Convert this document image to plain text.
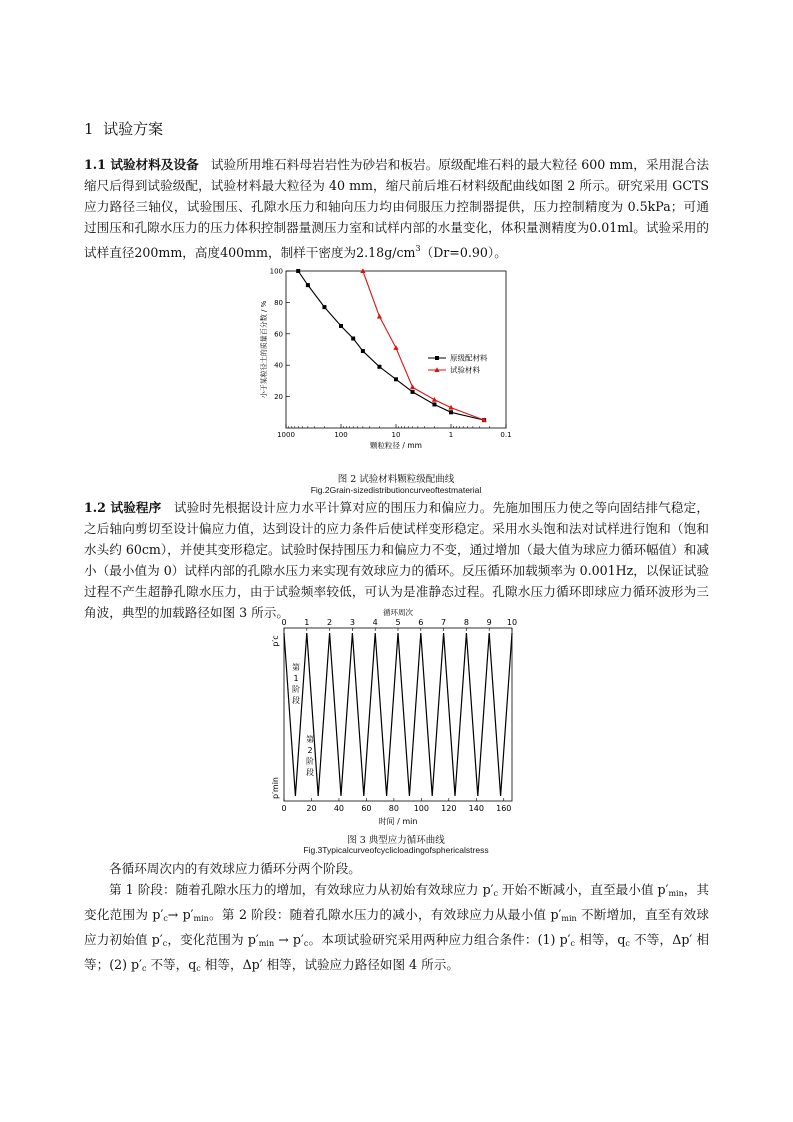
1 试验方案
1.1 试验材料及设备 试验所用堆石料母岩岩性为砂岩和板岩。原级配堆石料的最大粒径 600 mm，采用混合法缩尺后得到试验级配，试验材料最大粒径为 40 mm，缩尺前后堆石材料级配曲线如图 2 所示。研究采用 GCTS 应力路径三轴仪，试验围压、孔隙水压力和轴向压力均由伺服压力控制器提供，压力控制精度为 0.5kPa；可通过围压和孔隙水压力的压力体积控制器量测压力室和试样内部的水量变化，体积量测精度为0.01ml。试验采用的试样直径200mm，高度400mm，制样干密度为$2.18g/cm^3(Dr=0.90)$。
20
40
60
80
100
1000	100	10	1	0.1
颗粒粒径 / mm
小于某粒径土的质量百分数 / %	原级配材料
试验材料
图 2 试验材料颗粒级配曲线
Fig.2Grain-sizedistributioncurveoftestmaterial
1.2 试验程序 试验时先根据设计应力水平计算对应的围压力和偏应力。先施加围压力使之等向固结排气稳定，之后轴向剪切至设计偏应力值，达到设计的应力条件后使试样变形稳定。采用水头饱和法对试样进行饱和（饱和水头约 60cm），并使其变形稳定。试验时保持围压力和偏应力不变，通过增加（最大值为球应力循环幅值）和减小（最小值为 0）试样内部的孔隙水压力来实现有效球应力的循环。反压循环加载频率为 0.001Hz，以保证试验过程不产生超静孔隙水压力，由于试验频率较低，可认为是准静态过程。孔隙水压力循环即球应力循环波形为三角波，典型的加载路径如图 3 所示。	循环周次
0 1 2 3 4 5 6 7 8 9 10
0 20 40 60 80 100 120 140 160
时间 / min
p′c
p′min
第
1
阶
段
第
2
阶
段
图 3 典型应力循环曲线
Fig.3Typicalcurveofcyclicloadingofsphericalstress
各循环周次内的有效球应力循环分两个阶段。
第 1 阶段：随着孔隙水压力的增加，有效球应力从初始有效球应力 $p'_c$ 开始不断减小，直至最小值 $p'_{min}$，其变化范围为 $p'_c\to p'_{min}$。第 2 阶段：随着孔隙水压力的减小，有效球应力从最小值 $p'_{min}$ 不断增加，直至有效球应力初始值 $p'_c$，变化范围为 $p'_{min} \to p'_c$。本项试验研究采用两种应力组合条件：(1) $p'_c$ 相等，$q_c$ 不等，Δp′ 相等；(2) $p'_c$ 不等，$q_c$ 相等，Δp′ 相等，试验应力路径如图 4 所示。
